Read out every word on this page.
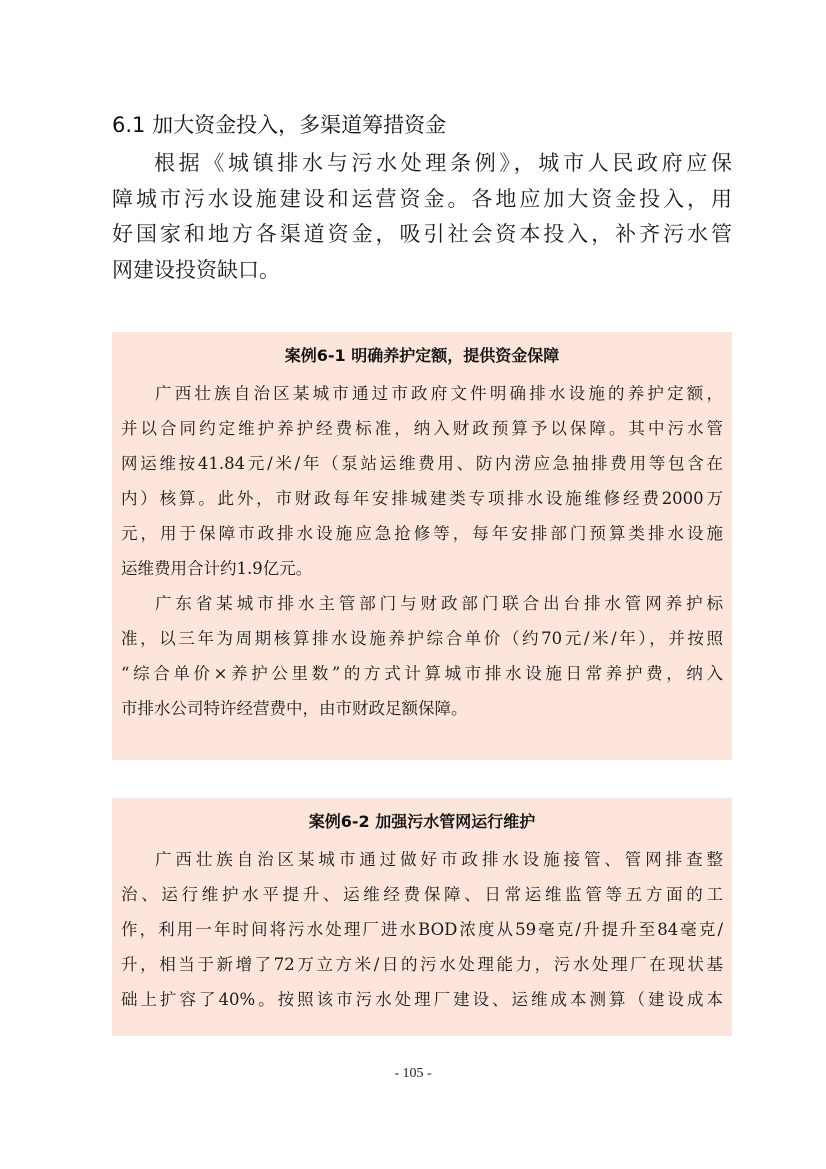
6.1 加大资金投入，多渠道筹措资金
根据《城镇排水与污水处理条例》，城市人民政府应保
障城市污水设施建设和运营资金。各地应加大资金投入，用
好国家和地方各渠道资金，吸引社会资本投入，补齐污水管
网建设投资缺口。
案例6-1 明确养护定额，提供资金保障
广西壮族自治区某城市通过市政府文件明确排水设施的养护定额，
并以合同约定维护养护经费标准，纳入财政预算予以保障。其中污水管
网运维按41.84元/米/年（泵站运维费用、防内涝应急抽排费用等包含在
内）核算。此外，市财政每年安排城建类专项排水设施维修经费2000万
元，用于保障市政排水设施应急抢修等，每年安排部门预算类排水设施
运维费用合计约1.9亿元。
广东省某城市排水主管部门与财政部门联合出台排水管网养护标
准，以三年为周期核算排水设施养护综合单价（约70元/米/年），并按照
“综合单价×养护公里数”的方式计算城市排水设施日常养护费，纳入
市排水公司特许经营费中，由市财政足额保障。
案例6-2 加强污水管网运行维护
广西壮族自治区某城市通过做好市政排水设施接管、管网排查整
治、运行维护水平提升、运维经费保障、日常运维监管等五方面的工
作，利用一年时间将污水处理厂进水BOD浓度从59毫克/升提升至84毫克/
升，相当于新增了72万立方米/日的污水处理能力，污水处理厂在现状基
础上扩容了40%。按照该市污水处理厂建设、运维成本测算（建设成本
- 105 -
